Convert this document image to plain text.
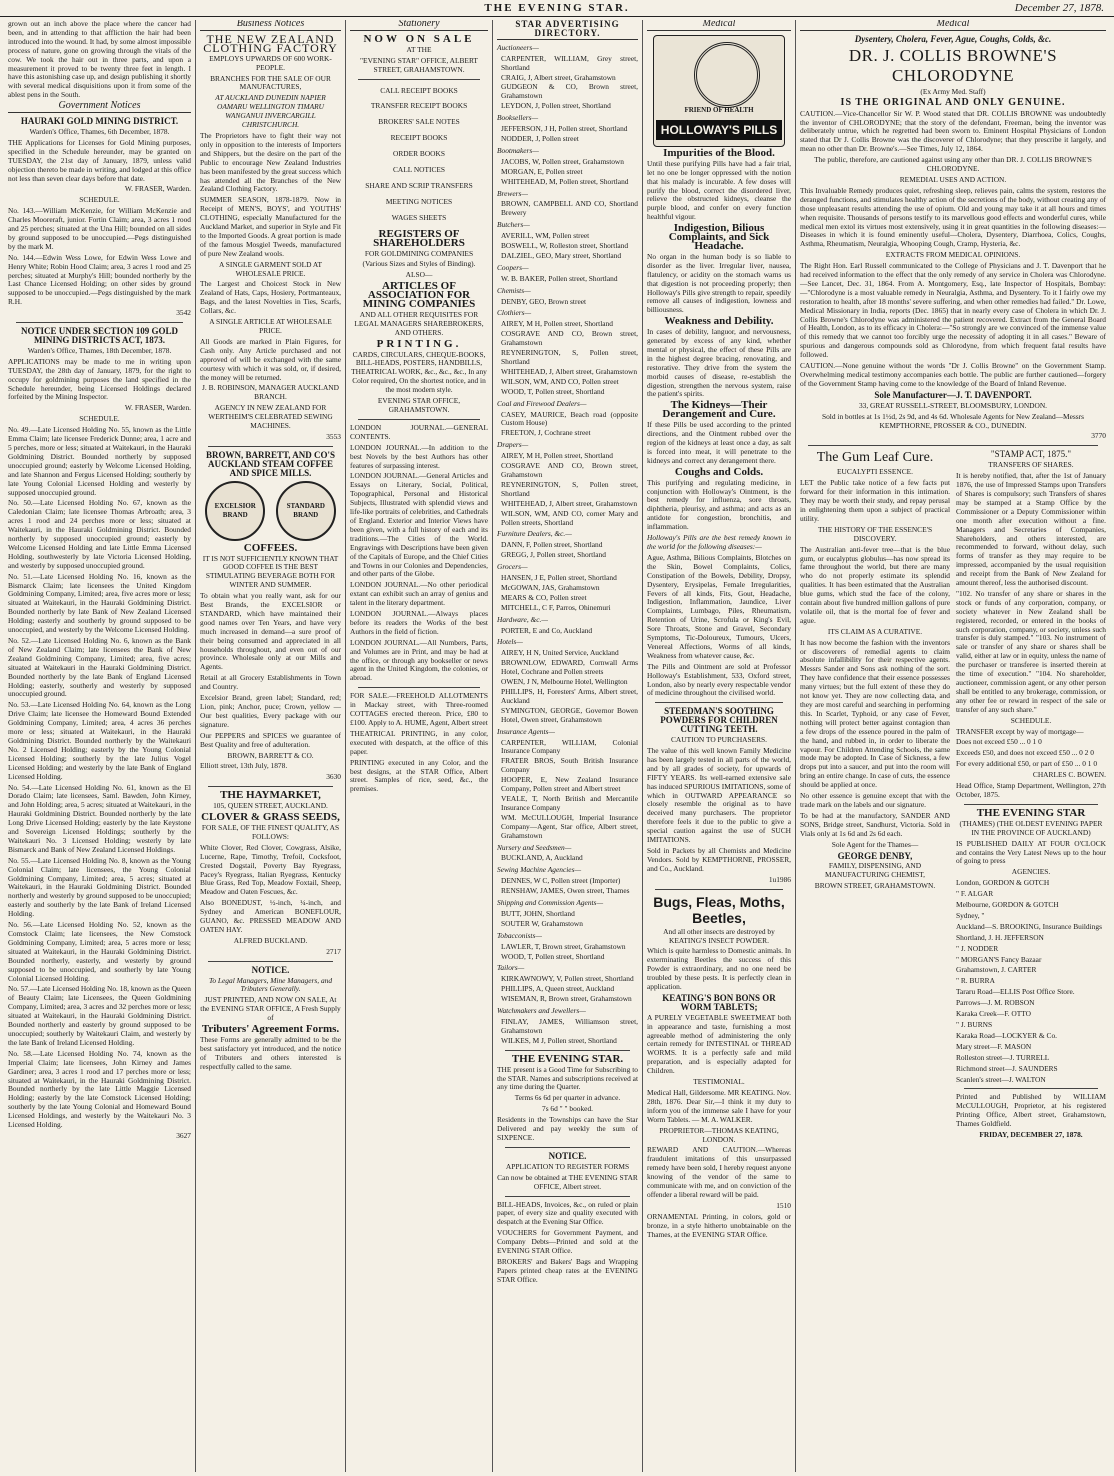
THE EVENING STAR.	December 27, 1878.

grown out an inch above the place where the cancer had been, and in attending to that affliction the hair had been introduced into the wound. It had, by some almost impossible process of nature, gone on growing through the vitals of the cow. We took the hair out in three parts, and upon a measurement it proved to be twenty three feet in length. I have this astonishing case up, and design publishing it shortly with several medical disquisitions upon it from some of the ablest pens in the South.

Government Notices

HAURAKI GOLD MINING DISTRICT.

Warden's Office, Thames, 6th December, 1878.

THE Applications for Licenses for Gold Mining purposes, specified in the Schedule hereunder, may be granted on TUESDAY, the 21st day of January, 1879, unless valid objection thereto be made in writing, and lodged at this office not less than seven clear days before that date.

W. FRASER, Warden.

SCHEDULE.

No. 143.—William McKenzie, for William McKenzie and Charles Mooreraft, junior. Fortin Claim; area, 3 acres 1 rood and 25 perches; situated at the Una Hill; bounded on all sides by ground supposed to be unoccupied.—Pegs distinguished by the mark M.

No. 144.—Edwin Wess Lowe, for Edwin Wess Lowe and Henry White; Robin Hood Claim; area, 3 acres 1 rood and 25 perches; situated at Murphy's Hill; bounded northerly by the Last Chance Licensed Holding; on other sides by ground supposed to be unoccupied.—Pegs distinguished by the mark R.H.

3542

NOTICE UNDER SECTION 109 GOLD MINING DISTRICTS ACT, 1873.

Warden's Office, Thames, 18th December, 1878.

APPLICATIONS may be made to me in writing upon TUESDAY, the 28th day of January, 1879, for the right to occupy for goldmining purposes the land specified in the Schedule hereunder, being Licensed Holdings declared forfeited by the Mining Inspector.

W. FRASER, Warden.

SCHEDULE.

No. 49.—Late Licensed Holding No. 55, known as the Little Emma Claim; late licensee Frederick Dunne; area, 1 acre and 5 perches, more or less; situated at Waitekauri, in the Hauraki Goldmining District. Bounded northerly by supposed unoccupied ground; easterly by Welcome Licensed Holding, and late Shannon and Fergus Licensed Holding; southerly by late Young Colonial Licensed Holding and westerly by supposed unoccupied ground.

No. 50.—Late Licensed Holding No. 67, known as the Caledonian Claim; late licensee Thomas Arbroath; area, 3 acres 1 rood and 24 perches more or less; situated at Waitekauri, in the Hauraki Goldmining District. Bounded northerly by supposed unoccupied ground; easterly by Welcome Licensed Holding and late Little Emma Licensed Holding, southwesterly by late Victoria Licensed Holding, and westerly by supposed unoccupied ground.

No. 51.—Late Licensed Holding No. 16, known as the Bismarck Claim; late licensees the United Kingdom Goldmining Company, Limited; area, five acres more or less; situated at Waitekauri, in the Hauraki Goldmining District. Bounded northerly by late Bank of New Zealand Licensed Holding; easterly and southerly by ground supposed to be unoccupied, and westerly by the Welcome Licensed Holding.

No. 52.—Late Licensed Holding No. 6, known as the Bank of New Zealand Claim; late licensees the Bank of New Zealand Goldmining Company, Limited; area, five acres; situated at Waitekauri in the Hauraki Goldmining District. Bounded northerly by the late Bank of England Licensed Holding; easterly, southerly and westerly by supposed unoccupied ground.

No. 53.—Late Licensed Holding No. 64, known as the Long Drive Claim; late licensee the Homeward Bound Extended Goldmining Company, Limited; area, 4 acres 36 perches more or less; situated at Waitekauri, in the Hauraki Goldmining District. Bounded northerly by the Waitekauri No. 2 Licensed Holding; easterly by the Young Colonial Licensed Holding; southerly by the late Julius Vogel Licensed Holding; and westerly by the late Bank of England Licensed Holding.

No. 54.—Late Licensed Holding No. 61, known as the El Dorado Claim; late licensees, Saml. Bawden, John Kirney, and John Holding; area, 5 acres; situated at Waitekauri, in the Hauraki Goldmining District. Bounded northerly by the late Long Drive Licensed Holding; easterly by the late Keystone and Sovereign Licensed Holdings; southerly by the Waitekauri No. 3 Licensed Holding; westerly by late Bismarck and Bank of New Zealand Licensed Holdings.

No. 55.—Late Licensed Holding No. 8, known as the Young Colonial Claim; late licensees, the Young Colonial Goldmining Company, Limited; area, 5 acres; situated at Waitekauri, in the Hauraki Goldmining District. Bounded northerly and westerly by ground supposed to be unoccupied; easterly and southerly by the late Bank of Ireland Licensed Holding.

No. 56.—Late Licensed Holding No. 52, known as the Comstock Claim; late licensees, the New Comstock Goldmining Company, Limited; area, 5 acres more or less; situated at Waitekauri, in the Hauraki Goldmining District. Bounded northerly, easterly, and westerly by ground supposed to be unoccupied, and southerly by late Young Colonial Licensed Holding.

No. 57.—Late Licensed Holding No. 18, known as the Queen of Beauty Claim; late Licensees, the Queen Goldmining Company, Limited; area, 3 acres and 32 perches more or less; situated at Waitekauri, in the Hauraki Goldmining District. Bounded northerly and easterly by ground supposed to be unoccupied; southerly by Waitekauri Claim, and westerly by the late Bank of Ireland Licensed Holding.

No. 58.—Late Licensed Holding No. 74, known as the Imperial Claim; late licensees, John Kirney and James Gardiner; area, 3 acres 1 rood and 17 perches more or less; situated at Waitekauri, in the Hauraki Goldmining District. Bounded northerly by the late Little Maggie Licensed Holding; easterly by the late Comstock Licensed Holding; southerly by the late Young Colonial and Homeward Bound Licensed Holdings, and westerly by the Waitekauri No. 3 Licensed Holding.

3627

Business Notices

THE NEW ZEALAND CLOTHING FACTORY

EMPLOYS UPWARDS OF 600 WORK-PEOPLE.

BRANCHES FOR THE SALE OF OUR MANUFACTURES,

AT AUCKLAND DUNEDIN NAPIER OAMARU WELLINGTON TIMARU WANGANUI INVERCARGILL CHRISTCHURCH.

The Proprietors have to fight their way not only in opposition to the interests of Importers and Shippers, but the desire on the part of the Public to encourage New Zealand Industries has been manifested by the great success which has attended all the Branches of the New Zealand Clothing Factory.

SUMMER SEASON, 1878-1879. Now in Receipt of MEN'S, BOYS', and YOUTHS' CLOTHING, especially Manufactured for the Auckland Market, and superior in Style and Fit to the Imported Goods. A great portion is made of the famous Mosgiel Tweeds, manufactured of pure New Zealand wools.

A SINGLE GARMENT SOLD AT WHOLESALE PRICE.

The Largest and Choicest Stock in New Zealand of Hats, Caps, Hosiery, Portmanteaux, Bags, and the latest Novelties in Ties, Scarfs, Collars, &c.

A SINGLE ARTICLE AT WHOLESALE PRICE.

All Goods are marked in Plain Figures, for Cash only. Any Article purchased and not approved of will be exchanged with the same courtesy with which it was sold, or, if desired, the money will be returned.

J. B. ROBINSON, MANAGER AUCKLAND BRANCH.

AGENCY IN NEW ZEALAND FOR WERTHEIM'S CELEBRATED SEWING MACHINES.

3553

BROWN, BARRETT, AND CO'S AUCKLAND STEAM COFFEE AND SPICE MILLS.

EXCELSIOR BRAND
STANDARD BRAND

COFFEES.

IT IS NOT SUFFICIENTLY KNOWN THAT GOOD COFFEE IS THE BEST STIMULATING BEVERAGE BOTH FOR WINTER AND SUMMER.

To obtain what you really want, ask for our Best Brands, the EXCELSIOR or STANDARD, which have maintained their good names over Ten Years, and have very much increased in demand—a sure proof of their being consumed and appreciated in all households throughout, and even out of our province. Wholesale only at our Mills and Agents.

Retail at all Grocery Establishments in Town and Country.

Excelsior Brand, green label; Standard, red; Lion, pink; Anchor, puce; Crown, yellow — Our best qualities, Every package with our signature.

Our PEPPERS and SPICES we guarantee of Best Quality and free of adulteration.

BROWN, BARRETT & CO.

Elliott street, 13th July, 1878.

3630

THE HAYMARKET,

105, QUEEN STREET, AUCKLAND.

CLOVER & GRASS SEEDS,

FOR SALE, OF THE FINEST QUALITY, AS FOLLOWS:

White Clover, Red Clover, Cowgrass, Alsike, Lucerne, Rape, Timothy, Trefoil, Cocksfoot, Crested Dogstail, Poverty Bay Ryegrass, Pacey's Ryegrass, Italian Ryegrass, Kentucky Blue Grass, Red Top, Meadow Foxtail, Sheep, Meadow and Oaten Fescues, &c.

Also BONEDUST, ½-inch, ¼-inch, and Sydney and American BONEFLOUR, GUANO, &c. PRESSED MEADOW AND OATEN HAY.

ALFRED BUCKLAND.

2717

NOTICE.

To Legal Managers, Mine Managers, and Tributers Generally.

JUST PRINTED, AND NOW ON SALE, At the EVENING STAR OFFICE, A Fresh Supply of

Tributers' Agreement Forms.

These Forms are generally admitted to be the best satisfactory yet introduced, and the notice of Tributers and others interested is respectfully called to the same.

Stationery

NOW ON SALE

AT THE

"EVENING STAR" OFFICE, ALBERT STREET, GRAHAMSTOWN.

CALL RECEIPT BOOKS

TRANSFER RECEIPT BOOKS

BROKERS' SALE NOTES

RECEIPT BOOKS

ORDER BOOKS

CALL NOTICES

SHARE AND SCRIP TRANSFERS

MEETING NOTICES

WAGES SHEETS

REGISTERS OF SHAREHOLDERS

FOR GOLDMINING COMPANIES

(Various Sizes and Styles of Binding).

ALSO—

ARTICLES OF ASSOCIATION FOR MINING COMPANIES

AND ALL OTHER REQUISITES FOR LEGAL MANAGERS SHAREBROKERS, AND OTHERS.

PRINTING.

CARDS, CIRCULARS, CHEQUE-BOOKS, BILL-HEADS, POSTERS, HANDBILLS, THEATRICAL WORK, &c., &c., &c., In any Color required, On the shortest notice, and in the most modern style.

EVENING STAR OFFICE, GRAHAMSTOWN.

LONDON JOURNAL.—GENERAL CONTENTS.

LONDON JOURNAL.—In addition to the best Novels by the best Authors has other features of surpassing interest.

LONDON JOURNAL.—General Articles and Essays on Literary, Social, Political, Topographical, Personal and Historical Subjects, Illustrated with splendid views and life-like portraits of celebrities, and Cathedrals of England. Exterior and Interior Views have been given, with a full history of each and its traditions.—The Cities of the World. Engravings with Descriptions have been given of the Capitals of Europe, and the Chief Cities and Towns in our Colonies and Dependencies, and other parts of the Globe.

LONDON JOURNAL.—No other periodical extant can exhibit such an array of genius and talent in the literary department.

LONDON JOURNAL.—Always places before its readers the Works of the best Authors in the field of fiction.

LONDON JOURNAL.—All Numbers, Parts, and Volumes are in Print, and may be had at the office, or through any bookseller or news agent in the United Kingdom, the colonies, or abroad.

FOR SALE.—FREEHOLD ALLOTMENTS in Mackay street, with Three-roomed COTTAGES erected thereon. Price, £80 to £100. Apply to A. HUME, Agent, Albert street

THEATRICAL PRINTING, in any color, executed with despatch, at the office of this paper.

PRINTING executed in any Color, and the best designs, at the STAR Office, Albert street. Samples of rice, seed, &c., the premises.

STAR ADVERTISING DIRECTORY.

Auctioneers—

CARPENTER, WILLIAM, Grey street, Shortland

CRAIG, J, Albert street, Grahamstown

GUDGEON & CO, Brown street, Grahamstown

LEYDON, J, Pollen street, Shortland

Booksellers—

JEFFERSON, J H, Pollen street, Shortland

NODDER, J, Pollen street

Bootmakers—

JACOBS, W, Pollen street, Grahamstown

MORGAN, E, Pollen street

WHITEHEAD, M, Pollen street, Shortland

Brewers—

BROWN, CAMPBELL AND CO, Shortland Brewery

Butchers—

AVERILL, WM, Pollen street

BOSWELL, W, Rolleston street, Shortland

DALZIEL, GEO, Mary street, Shortland

Coopers—

W. B. BAKER, Pollen street, Shortland

Chemists—

DENBY, GEO, Brown street

Clothiers—

AIREY, M H, Pollen street, Shortland

COSGRAVE AND CO, Brown street, Grahamstown

REYNERINGTON, S, Pollen street, Shortland

WHITEHEAD, J, Albert street, Grahamstown

WILSON, WM, AND CO, Pollen street

WOOD, T, Pollen street, Shortland

Coal and Firewood Dealers—

CASEY, MAURICE, Beach road (opposite Custom House)

FREETON, J, Cochrane street

Drapers—

AIREY, M H, Pollen street, Shortland

COSGRAVE AND CO, Brown street, Grahamstown

REYNERINGTON, S, Pollen street, Shortland

WHITEHEAD, J, Albert street, Grahamstown

WILSON, WM, AND CO, corner Mary and Pollen streets, Shortland

Furniture Dealers, &c.—

DANN, F, Pollen street, Shortland

GREGG, J, Pollen street, Shortland

Grocers—

HANSEN, J E, Pollen street, Shortland

McGOWAN, JAS, Grahamstown

MEARS & CO, Pollen street

MITCHELL, C F, Parros, Ohinemuri

Hardware, &c.—

PORTER, E and Co, Auckland

Hotels—

AIREY, H N, United Service, Auckland

BROWNLOW, EDWARD, Cornwall Arms Hotel, Cochrane and Pollen streets

OWEN, J N, Melbourne Hotel, Wellington

PHILLIPS, H, Foresters' Arms, Albert street, Auckland

SYMINGTON, GEORGE, Governor Bowen Hotel, Owen street, Grahamstown

Insurance Agents—

CARPENTER, WILLIAM, Colonial Insurance Company

FRATER BROS, South British Insurance Company

HOOPER, E, New Zealand Insurance Company, Pollen street and Albert street

VEALE, T, North British and Mercantile Insurance Company

WM. McCULLOUGH, Imperial Insurance Company—Agent, Star office, Albert street, Grahamstown

Nursery and Seedsmen—

BUCKLAND, A, Auckland

Sewing Machine Agencies—

DENNES, W C, Pollen street (Importer)

RENSHAW, JAMES, Owen street, Thames

Shipping and Commission Agents—

BUTT, JOHN, Shortland

SOUTER W, Grahamstown

Tobacconists—

LAWLER, T, Brown street, Grahamstown

WOOD, T, Pollen street, Shortland

Tailors—

KIRKAWNOWY, V, Pollen street, Shortland

PHILLIPS, A, Queen street, Auckland

WISEMAN, R, Brown street, Grahamstown

Watchmakers and Jewellers—

FINLAY, JAMES, Williamson street, Grahamstown

WILKES, M J, Pollen street, Shortland

THE EVENING STAR.

THE present is a Good Time for Subscribing to the STAR. Names and subscriptions received at any time during the Quarter.

Terms 6s 6d per quarter in advance.

7s 6d " " booked.

Residents in the Townships can have the Star Delivered and pay weekly the sum of SIXPENCE.

NOTICE.

APPLICATION TO REGISTER FORMS

Can now be obtained at THE EVENING STAR OFFICE, Albert street.

BILL-HEADS, Invoices, &c., on ruled or plain paper, of every size and quality executed with despatch at the Evening Star Office.

VOUCHERS for Government Payment, and Company Debts—Printed and sold at the EVENING STAR Office.

BROKERS' and Bakers' Bags and Wrapping Papers printed cheap rates at the EVENING STAR Office.

Medical
FRIEND OF HEALTH
HOLLOWAY'S PILLS

Impurities of the Blood.

Until these purifying Pills have had a fair trial, let no one be longer oppressed with the notion that his malady is incurable. A few doses will purify the blood, correct the disordered liver, relieve the obstructed kidneys, cleanse the purple blood, and confer on every function healthful vigour.

Indigestion, Bilious Complaints, and Sick Headache.

No organ in the human body is so liable to disorder as the liver. Irregular liver, nausea, flatulency, or acidity on the stomach warns us that digestion is not proceeding properly; then Holloway's Pills give strength to repair, speedily remove all causes of indigestion, lowness and billiousness.

Weakness and Debility.

In cases of debility, languor, and nervousness, generated by excess of any kind, whether mental or physical, the effect of these Pills are in the highest degree bracing, renovating, and restorative. They drive from the system the morbid causes of disease, re-establish the digestion, strengthen the nervous system, raise the patient's spirits.

The Kidneys—Their Derangement and Cure.

If these Pills be used according to the printed directions, and the Ointment rubbed over the region of the kidneys at least once a day, as salt is forced into meat, it will penetrate to the kidneys and correct any derangement there.

Coughs and Colds.

This purifying and regulating medicine, in conjunction with Holloway's Ointment, is the best remedy for influenza, sore throats, diphtheria, pleurisy, and asthma; and acts as an antidote for congestion, bronchitis, and inflammation.

Holloway's Pills are the best remedy known in the world for the following diseases:—

Ague, Asthma, Bilious Complaints, Blotches on the Skin, Bowel Complaints, Colics, Constipation of the Bowels, Debility, Dropsy, Dysentery, Erysipelas, Female Irregularities, Fevers of all kinds, Fits, Gout, Headache, Indigestion, Inflammation, Jaundice, Liver Complaints, Lumbago, Piles, Rheumatism, Retention of Urine, Scrofula or King's Evil, Sore Throats, Stone and Gravel, Secondary Symptoms, Tic-Doloureux, Tumours, Ulcers, Venereal Affections, Worms of all kinds, Weakness from whatever cause, &c.

The Pills and Ointment are sold at Professor Holloway's Establishment, 533, Oxford street, London, also by nearly every respectable vendor of medicine throughout the civilised world.

STEEDMAN'S SOOTHING POWDERS FOR CHILDREN CUTTING TEETH.

CAUTION TO PURCHASERS.

The value of this well known Family Medicine has been largely tested in all parts of the world, and by all grades of society, for upwards of FIFTY YEARS. Its well-earned extensive sale has induced SPURIOUS IMITATIONS, some of which in OUTWARD APPEARANCE so closely resemble the original as to have deceived many purchasers. The proprietor therefore feels it due to the public to give a special caution against the use of SUCH IMITATIONS.

Sold in Packets by all Chemists and Medicine Vendors. Sold by KEMPTHORNE, PROSSER, and Co., Auckland.

1u1986

Bugs, Fleas, Moths, Beetles,

And all other insects are destroyed by KEATING'S INSECT POWDER.

Which is quite harmless to Domestic animals. In exterminating Beetles the success of this Powder is extraordinary, and no one need be troubled by these pests. It is perfectly clean in application.

KEATING'S BON BONS OR WORM TABLETS;

A PURELY VEGETABLE SWEETMEAT both in appearance and taste, furnishing a most agreeable method of administering the only certain remedy for INTESTINAL or THREAD WORMS. It is a perfectly safe and mild preparation, and is especially adapted for Children.

TESTIMONIAL.

Medical Hall, Gildersome. MR KEATING. Nov. 28th, 1876. Dear Sir,—I think it my duty to inform you of the immense sale I have for your Worm Tablets. — M. A. WALKER.

PROPRIETOR—THOMAS KEATING, LONDON.

REWARD AND CAUTION.—Whereas fraudulent imitations of this unsurpassed remedy have been sold, I hereby request anyone knowing of the vendor of the same to communicate with me, and on conviction of the offender a liberal reward will be paid.

1510

ORNAMENTAL Printing, in colors, gold or bronze, in a style hitherto unobtainable on the Thames, at the EVENING STAR Office.

Medical

Dysentery, Cholera, Fever, Ague, Coughs, Colds, &c.

DR. J. COLLIS BROWNE'S CHLORODYNE

(Ex Army Med. Staff)

IS THE ORIGINAL AND ONLY GENUINE.

CAUTION.—Vice-Chancellor Sir W. P. Wood stated that DR. COLLIS BROWNE was undoubtedly the inventor of CHLORODYNE; that the story of the defendant, Freeman, being the inventor was deliberately untrue, which he regretted had been sworn to. Eminent Hospital Physicians of London stated that Dr J. Collis Browne was the discoverer of Chlorodyne; that they prescribe it largely, and mean no other than Dr. Browne's.—See Times, July 12, 1864.

The public, therefore, are cautioned against using any other than DR. J. COLLIS BROWNE'S CHLORODYNE.

REMEDIAL USES AND ACTION.

This Invaluable Remedy produces quiet, refreshing sleep, relieves pain, calms the system, restores the deranged functions, and stimulates healthy action of the secretions of the body, without creating any of those unpleasant results attending the use of opium. Old and young may take it at all hours and times when requisite. Thousands of persons testify to its marvellous good effects and wonderful cures, while medical men extol its virtues most extensively, using it in great quantities in the following diseases:— Diseases in which it is found eminently useful—Cholera, Dysentery, Diarrhoea, Colics, Coughs, Asthma, Rheumatism, Neuralgia, Whooping Cough, Cramp, Hysteria, &c.

EXTRACTS FROM MEDICAL OPINIONS.

The Right Hon. Earl Russell communicated to the College of Physicians and J. T. Davenport that he had received information to the effect that the only remedy of any service in Cholera was Chlorodyne.—See Lancet, Dec. 31, 1864. From A. Montgomery, Esq., late Inspector of Hospitals, Bombay:—"Chlorodyne is a most valuable remedy in Neuralgia, Asthma, and Dysentery. To it I fairly owe my restoration to health, after 18 months' severe suffering, and when other remedies had failed." Dr. Lowe, Medical Missionary in India, reports (Dec. 1865) that in nearly every case of Cholera in which Dr. J. Collis Browne's Chlorodyne was administered the patient recovered. Extract from the General Board of Health, London, as to its efficacy in Cholera:—"So strongly are we convinced of the immense value of this remedy that we cannot too forcibly urge the necessity of adopting it in all cases." Beware of spurious and dangerous compounds sold as Chlorodyne, from which frequent fatal results have followed.

CAUTION.—None genuine without the words "Dr J. Collis Browne" on the Government Stamp. Overwhelming medical testimony accompanies each bottle. The public are further cautioned—forgery of the Government Stamp having come to the knowledge of the Board of Inland Revenue.

Sole Manufacturer—J. T. DAVENPORT.

33, GREAT RUSSELL-STREET, BLOOMSBURY, LONDON.

Sold in bottles at 1s 1½d, 2s 9d, and 4s 6d. Wholesale Agents for New Zealand—Messrs KEMPTHORNE, PROSSER & CO., DUNEDIN.

3770

The Gum Leaf Cure.

EUCALYPTI ESSENCE.

LET the Public take notice of a few facts put forward for their information in this intimation. They may be worth their study, and repay perusal in enlightening them upon a subject of practical utility.

THE HISTORY OF THE ESSENCE'S DISCOVERY.

The Australian anti-fever tree—that is the blue gum, or eucalyptus globulus—has now spread its fame throughout the world, but there are many who do not properly estimate its splendid qualities. It has been estimated that the Australian blue gums, which stud the face of the colony, contain about five hundred million gallons of pure volatile oil, that is the mortal foe of fever and ague.

ITS CLAIM AS A CURATIVE.

It has now become the fashion with the inventors or discoverers of remedial agents to claim absolute infallibility for their respective agents. Messrs Sander and Sons ask nothing of the sort. They have confidence that their essence possesses many virtues; but the full extent of these they do not know yet. They are now collecting data, and they are most careful and searching in performing this. In Scarlet, Typhoid, or any case of Fever, nothing will protect better against contagion than a few drops of the essence poured in the palm of the hand, and rubbed in, in order to liberate the vapour. For Children Attending Schools, the same mode may be adopted. In Case of Sickness, a few drops put into a saucer, and put into the room will bring an entire change. In case of cuts, the essence should be applied at once.

No other essence is genuine except that with the trade mark on the labels and our signature.

To be had at the manufactory, SANDER AND SONS, Bridge street, Sandhurst, Victoria. Sold in Vials only at 1s 6d and 2s 6d each.

Sole Agent for the Thames—

GEORGE DENBY,

FAMILY, DISPENSING, AND MANUFACTURING CHEMIST,

BROWN STREET, GRAHAMSTOWN.

"STAMP ACT, 1875."

TRANSFERS OF SHARES.

It is hereby notified, that, after the 1st of January 1876, the use of Impressed Stamps upon Transfers of Shares is compulsory; such Transfers of shares may be stamped at a Stamp Office by the Commissioner or a Deputy Commissioner within one month after execution without a fine. Managers and Secretaries of Companies, Shareholders, and others interested, are recommended to forward, without delay, such forms of transfer as they may require to be impressed, accompanied by the usual requisition and receipt from the Bank of New Zealand for amount thereof, less the authorised discount.

"102. No transfer of any share or shares in the stock or funds of any corporation, company, or society whatever in New Zealand shall be registered, recorded, or entered in the books of such corporation, company, or society, unless such transfer is duly stamped." "103. No instrument of sale or transfer of any share or shares shall be valid, either at law or in equity, unless the name of the purchaser or transferee is inserted therein at the time of execution." "104. No shareholder, auctioneer, commission agent, or any other person shall be entitled to any brokerage, commission, or any other fee or reward in respect of the sale or transfer of any such share."

SCHEDULE.

TRANSFER except by way of mortgage—

Does not exceed £50 ... 0 1 0

Exceeds £50, and does not exceed £50 ... 0 2 0

For every additional £50, or part of £50 ... 0 1 0

CHARLES C. BOWEN.

Head Office, Stamp Department, Wellington, 27th October, 1875.

THE EVENING STAR

(THAMES) (THE OLDEST EVENING PAPER IN THE PROVINCE OF AUCKLAND)

IS PUBLISHED DAILY AT FOUR O'CLOCK and contains the Very Latest News up to the hour of going to press

AGENCIES.

London, GORDON & GOTCH

" F. ALGAR

Melbourne, GORDON & GOTCH

Sydney, "

Auckland—S. BROOKING, Insurance Buildings

Shortland, J. H. JEFFERSON

" J. NODDER

" MORGAN'S Fancy Bazaar

Grahamstown, J. CARTER

" R. BURRA

Tararu Road—ELLIS Post Office Store.

Parrows—J. M. ROBSON

Karaka Creek—F. OTTO

" J. BURNS

Karaka Road—LOCKYER & Co.

Mary street—F. MASON

Rolleston street—J. TURRELL

Richmond street—J. SAUNDERS

Scanlen's street—J. WALTON

Printed and Published by WILLIAM McCULLOUGH, Proprietor, at his registered Printing Office, Albert street, Grahamstown, Thames Goldfield.

FRIDAY, DECEMBER 27, 1878.
